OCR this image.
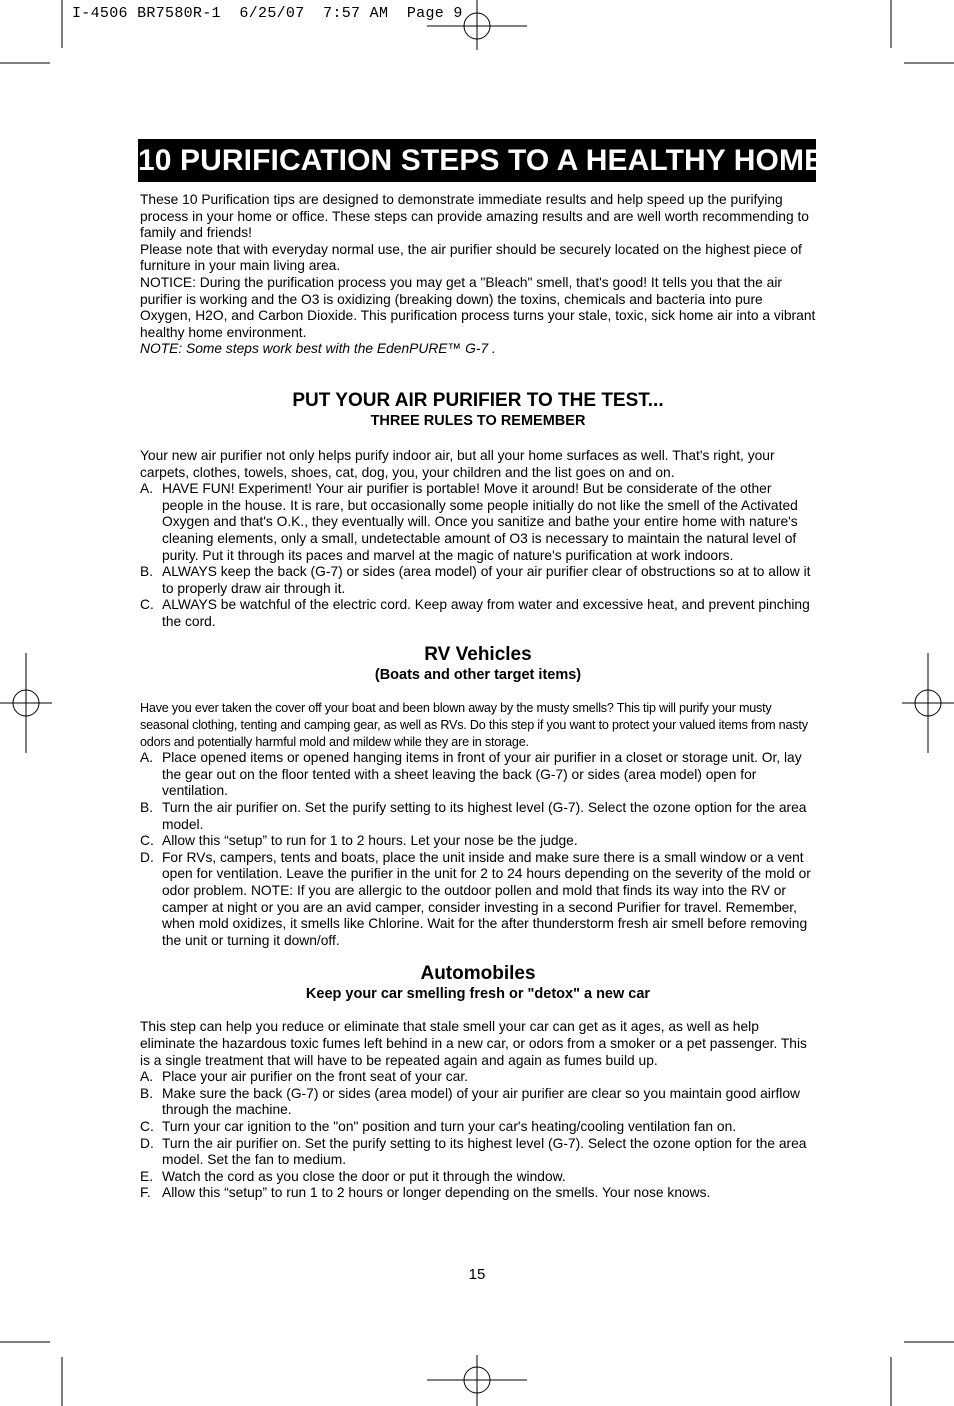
I-4506 BR7580R-1  6/25/07  7:57 AM  Page 9
10 PURIFICATION STEPS TO A HEALTHY HOME

These 10 Purification tips are designed to demonstrate immediate results and help speed up the purifying process in your home or office. These steps can provide amazing results and are well worth recommending to family and friends!

Please note that with everyday normal use, the air purifier should be securely located on the highest piece of furniture in your main living area.

NOTICE: During the purification process you may get a "Bleach" smell, that's good! It tells you that the air purifier is working and the O3 is oxidizing (breaking down) the toxins, chemicals and bacteria into pure Oxygen, H2O, and Carbon Dioxide. This purification process turns your stale, toxic, sick home air into a vibrant healthy home environment.

NOTE: Some steps work best with the EdenPURE™ G-7 .

PUT YOUR AIR PURIFIER TO THE TEST...
THREE RULES TO REMEMBER

Your new air purifier not only helps purify indoor air, but all your home surfaces as well. That's right, your carpets, clothes, towels, shoes, cat, dog, you, your children and the list goes on and on.

A. HAVE FUN! Experiment! Your air purifier is portable! Move it around! But be considerate of the other people in the house. It is rare, but occasionally some people initially do not like the smell of the Activated Oxygen and that's O.K., they eventually will. Once you sanitize and bathe your entire home with nature's cleaning elements, only a small, undetectable amount of O3 is necessary to maintain the natural level of purity. Put it through its paces and marvel at the magic of nature's purification at work indoors.
B. ALWAYS keep the back (G-7) or sides (area model) of your air purifier clear of obstructions so at to allow it to properly draw air through it.
C. ALWAYS be watchful of the electric cord. Keep away from water and excessive heat, and prevent pinching the cord.
RV Vehicles
(Boats and other target items)

Have you ever taken the cover off your boat and been blown away by the musty smells? This tip will purify your musty seasonal clothing, tenting and camping gear, as well as RVs. Do this step if you want to protect your valued items from nasty odors and potentially harmful mold and mildew while they are in storage.

A. Place opened items or opened hanging items in front of your air purifier in a closet or storage unit. Or, lay the gear out on the floor tented with a sheet leaving the back (G-7) or sides (area model) open for ventilation.
B. Turn the air purifier on. Set the purify setting to its highest level (G-7). Select the ozone option for the area model.
C. Allow this “setup” to run for 1 to 2 hours. Let your nose be the judge.
D. For RVs, campers, tents and boats, place the unit inside and make sure there is a small window or a vent open for ventilation. Leave the purifier in the unit for 2 to 24 hours depending on the severity of the mold or odor problem. NOTE: If you are allergic to the outdoor pollen and mold that finds its way into the RV or camper at night or you are an avid camper, consider investing in a second Purifier for travel. Remember, when mold oxidizes, it smells like Chlorine. Wait for the after thunderstorm fresh air smell before removing the unit or turning it down/off.
Automobiles
Keep your car smelling fresh or "detox" a new car

This step can help you reduce or eliminate that stale smell your car can get as it ages, as well as help eliminate the hazardous toxic fumes left behind in a new car, or odors from a smoker or a pet passenger. This is a single treatment that will have to be repeated again and again as fumes build up.

A. Place your air purifier on the front seat of your car.
B. Make sure the back (G-7) or sides (area model) of your air purifier are clear so you maintain good airflow through the machine.
C. Turn your car ignition to the "on" position and turn your car's heating/cooling ventilation fan on.
D. Turn the air purifier on. Set the purify setting to its highest level (G-7). Select the ozone option for the area model. Set the fan to medium.
E. Watch the cord as you close the door or put it through the window.
F. Allow this “setup” to run 1 to 2 hours or longer depending on the smells. Your nose knows.
15
